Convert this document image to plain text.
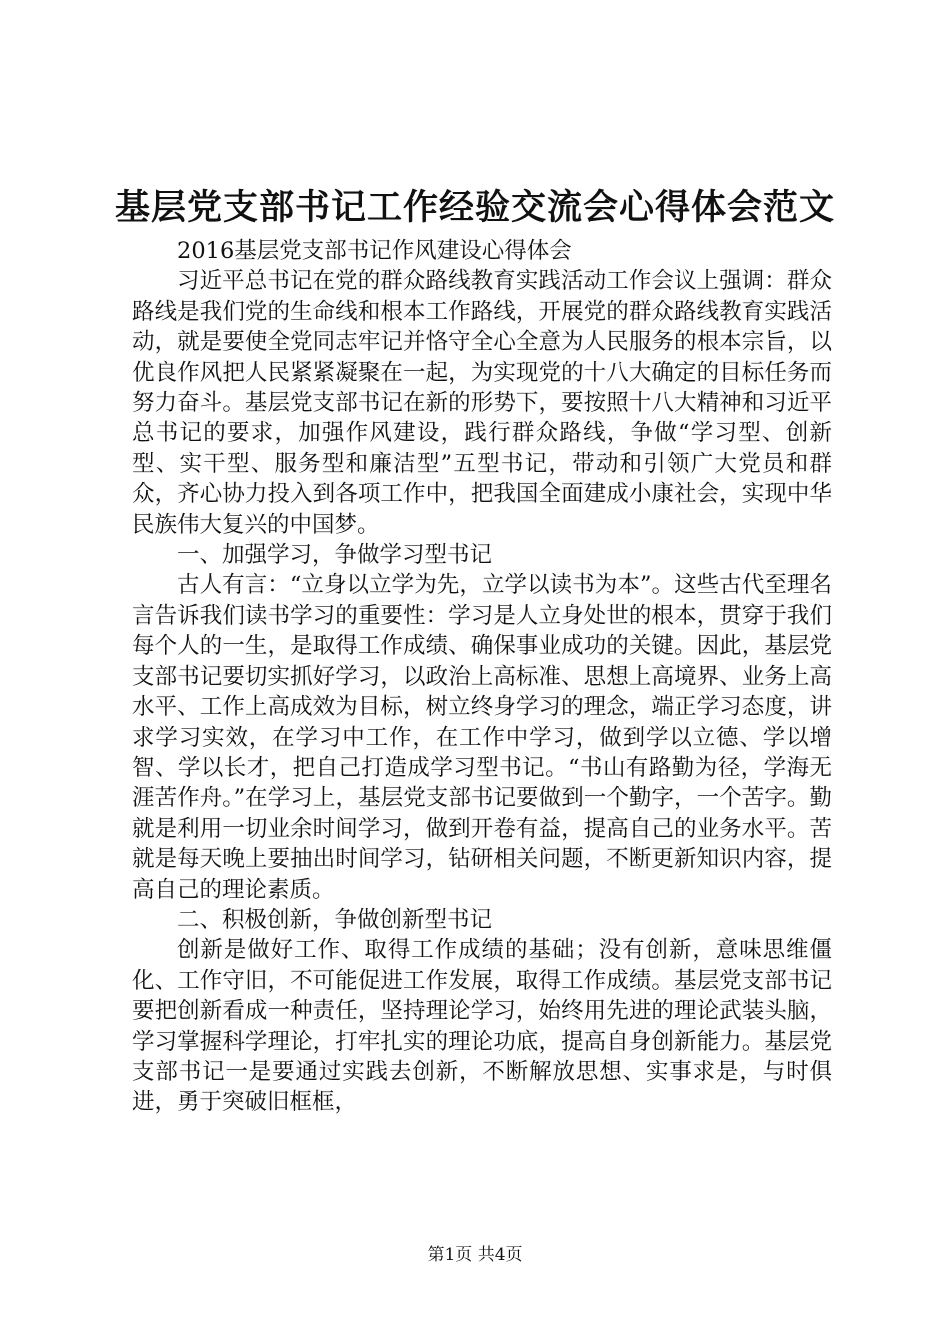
基层党支部书记工作经验交流会心得体会范文

2016基层党支部书记作风建设心得体会

习近平总书记在党的群众路线教育实践活动工作会议上强调：群众路线是我们党的生命线和根本工作路线，开展党的群众路线教育实践活动，就是要使全党同志牢记并恪守全心全意为人民服务的根本宗旨，以优良作风把人民紧紧凝聚在一起，为实现党的十八大确定的目标任务而努力奋斗。基层党支部书记在新的形势下，要按照十八大精神和习近平总书记的要求，加强作风建设，践行群众路线，争做“学习型、创新型、实干型、服务型和廉洁型”五型书记，带动和引领广大党员和群众，齐心协力投入到各项工作中，把我国全面建成小康社会，实现中华民族伟大复兴的中国梦。

一、加强学习，争做学习型书记

古人有言：“立身以立学为先，立学以读书为本”。这些古代至理名言告诉我们读书学习的重要性：学习是人立身处世的根本，贯穿于我们每个人的一生，是取得工作成绩、确保事业成功的关键。因此，基层党支部书记要切实抓好学习，以政治上高标准、思想上高境界、业务上高水平、工作上高成效为目标，树立终身学习的理念，端正学习态度，讲求学习实效，在学习中工作，在工作中学习，做到学以立德、学以增智、学以长才，把自己打造成学习型书记。“书山有路勤为径，学海无涯苦作舟。”在学习上，基层党支部书记要做到一个勤字，一个苦字。勤就是利用一切业余时间学习，做到开卷有益，提高自己的业务水平。苦就是每天晚上要抽出时间学习，钻研相关问题，不断更新知识内容，提高自己的理论素质。

二、积极创新，争做创新型书记

创新是做好工作、取得工作成绩的基础；没有创新，意味思维僵化、工作守旧，不可能促进工作发展，取得工作成绩。基层党支部书记要把创新看成一种责任，坚持理论学习，始终用先进的理论武装头脑，学习掌握科学理论，打牢扎实的理论功底，提高自身创新能力。基层党支部书记一是要通过实践去创新，不断解放思想、实事求是，与时俱进，勇于突破旧框框，

第1页 共4页
